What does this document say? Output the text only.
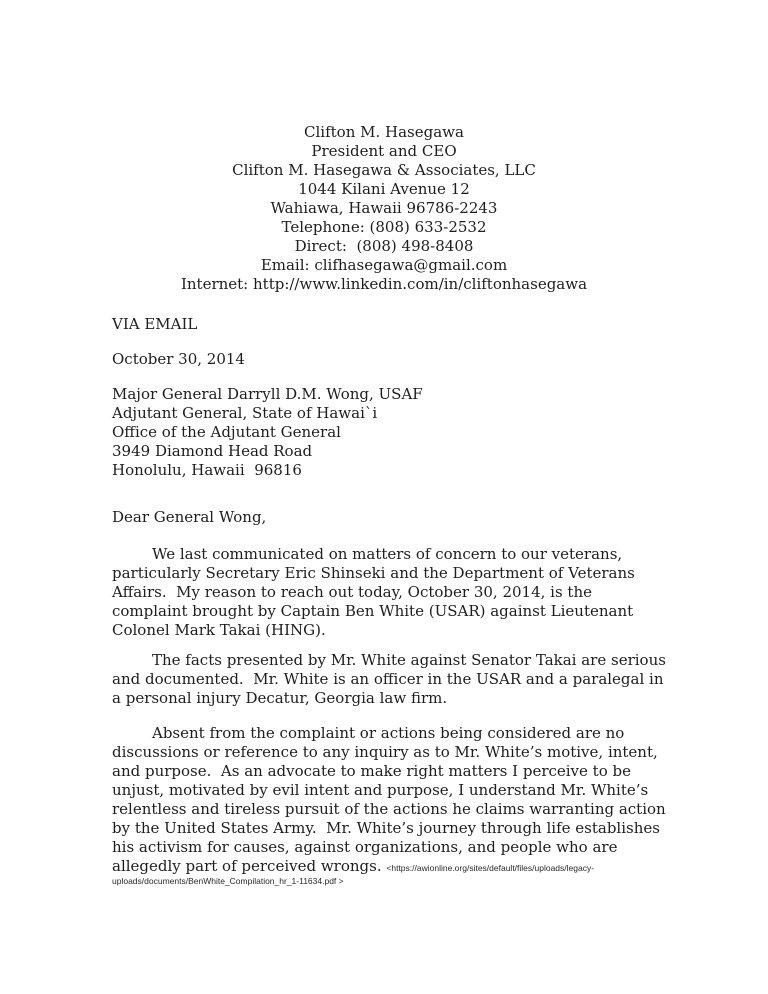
Clifton M. Hasegawa
President and CEO
Clifton M. Hasegawa & Associates, LLC
1044 Kilani Avenue 12
Wahiawa, Hawaii 96786-2243
Telephone: (808) 633-2532
Direct:  (808) 498-8408
Email: clifhasegawa@gmail.com
Internet: http://www.linkedin.com/in/cliftonhasegawa
VIA EMAIL
October 30, 2014
Major General Darryll D.M. Wong, USAF
Adjutant General, State of Hawai`i
Office of the Adjutant General
3949 Diamond Head Road
Honolulu, Hawaii  96816
Dear General Wong,
We last communicated on matters of concern to our veterans,
particularly Secretary Eric Shinseki and the Department of Veterans
Affairs.  My reason to reach out today, October 30, 2014, is the
complaint brought by Captain Ben White (USAR) against Lieutenant
Colonel Mark Takai (HING).
The facts presented by Mr. White against Senator Takai are serious
and documented.  Mr. White is an officer in the USAR and a paralegal in
a personal injury Decatur, Georgia law firm.
Absent from the complaint or actions being considered are no
discussions or reference to any inquiry as to Mr. White’s motive, intent,
and purpose.  As an advocate to make right matters I perceive to be
unjust, motivated by evil intent and purpose, I understand Mr. White’s
relentless and tireless pursuit of the actions he claims warranting action
by the United States Army.  Mr. White’s journey through life establishes
his activism for causes, against organizations, and people who are
allegedly part of perceived wrongs. <https://awionline.org/sites/default/files/uploads/legacy-
uploads/documents/BenWhite_Compilation_hr_1-11634.pdf >
